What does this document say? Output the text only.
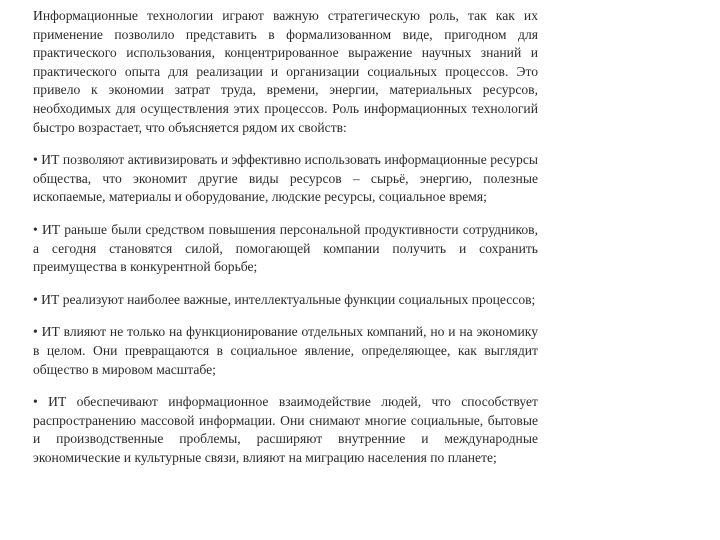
Информационные технологии играют важную стратегическую роль, так как их применение позволило представить в формализованном виде, пригодном для практического использования, концентрированное выражение научных знаний и практического опыта для реализации и организации социальных процессов. Это привело к экономии затрат труда, времени, энергии, материальных ресурсов, необходимых для осуществления этих процессов. Роль информационных технологий быстро возрастает, что объясняется рядом их свойств:

• ИТ позволяют активизировать и эффективно использовать информационные ресурсы общества, что экономит другие виды ресурсов – сырьё, энергию, полезные ископаемые, материалы и оборудование, людские ресурсы, социальное время;

• ИТ раньше были средством повышения персональной продуктивности сотрудников, а сегодня становятся силой, помогающей компании получить и сохранить преимущества в конкурентной борьбе;

• ИТ реализуют наиболее важные, интеллектуальные функции социальных процессов;

• ИТ влияют не только на функционирование отдельных компаний, но и на экономику в целом. Они превращаются в социальное явление, определяющее, как выглядит общество в мировом масштабе;

• ИТ обеспечивают информационное взаимодействие людей, что способствует распространению массовой информации. Они снимают многие социальные, бытовые и производственные проблемы, расширяют внутренние и международные экономические и культурные связи, влияют на миграцию населения по планете;
